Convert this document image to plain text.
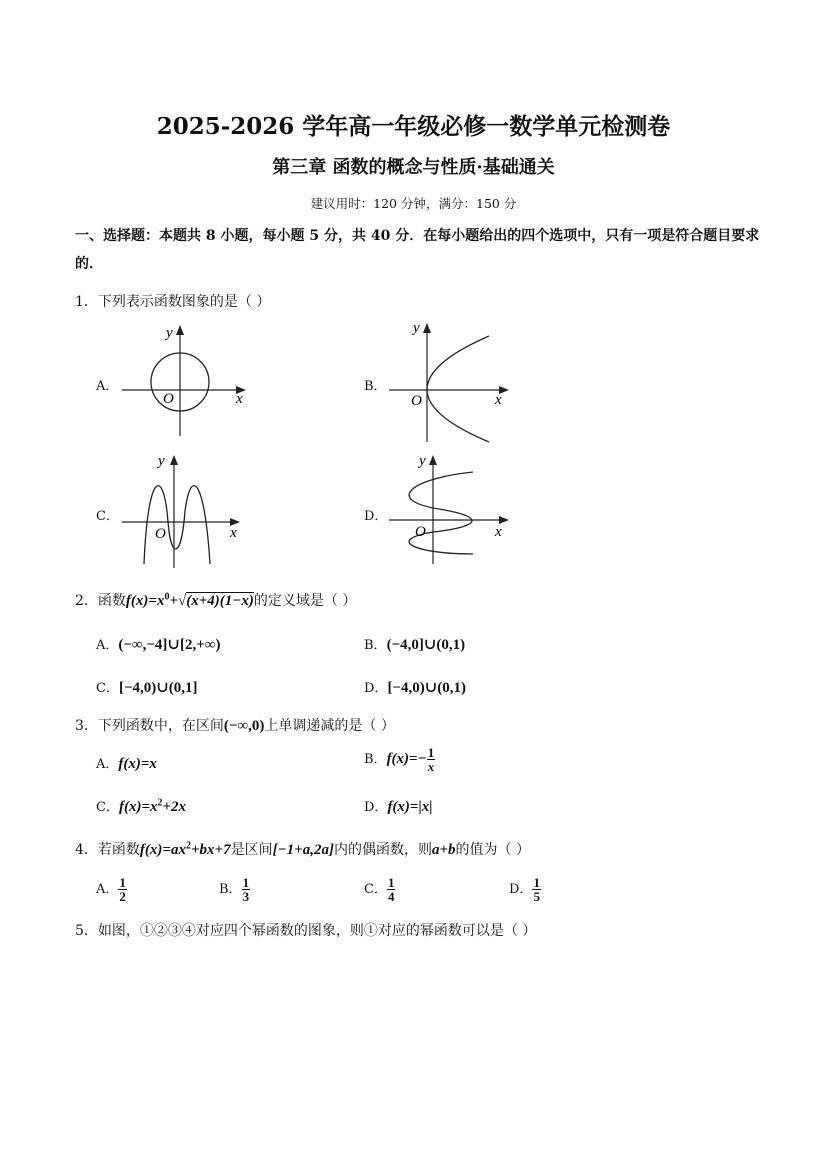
2025-2026 学年高一年级必修一数学单元检测卷
第三章 函数的概念与性质·基础通关
建议用时：120 分钟，满分：150 分
一、选择题：本题共 8 小题，每小题 5 分，共 40 分．在每小题给出的四个选项中，只有一项是符合题目要求的．
1．下列表示函数图象的是（ ）
A．
y
x
O
B．
y
x
O
C．
y
x
O
D．
y
x
O
2．函数$f(x)=x^0+√(x+4)(1-x)$的定义域是（ ）
A．(−∞,−4]∪[2,+∞)	B．(−4,0]∪(0,1)
C．[−4,0)∪(0,1]	D．[−4,0)∪(0,1)
3．下列函数中，在区间(−∞,0)上单调递减的是（ ）
A．f(x)=x	B．$f(x)=- \frac{1}{x}$
C．$f(x)=x^2+2x$	D．f(x)=|x|
4．若函数$f(x)=ax^2+bx+7$是区间[−1+a,2a]内的偶函数，则a+b的值为（ ）
A． $\frac{1}{2}$	B． $\frac{1}{3}$	C． $\frac{1}{4}$	D． $\frac{1}{5}$
5．如图，①②③④对应四个幂函数的图象，则①对应的幂函数可以是（ ）
